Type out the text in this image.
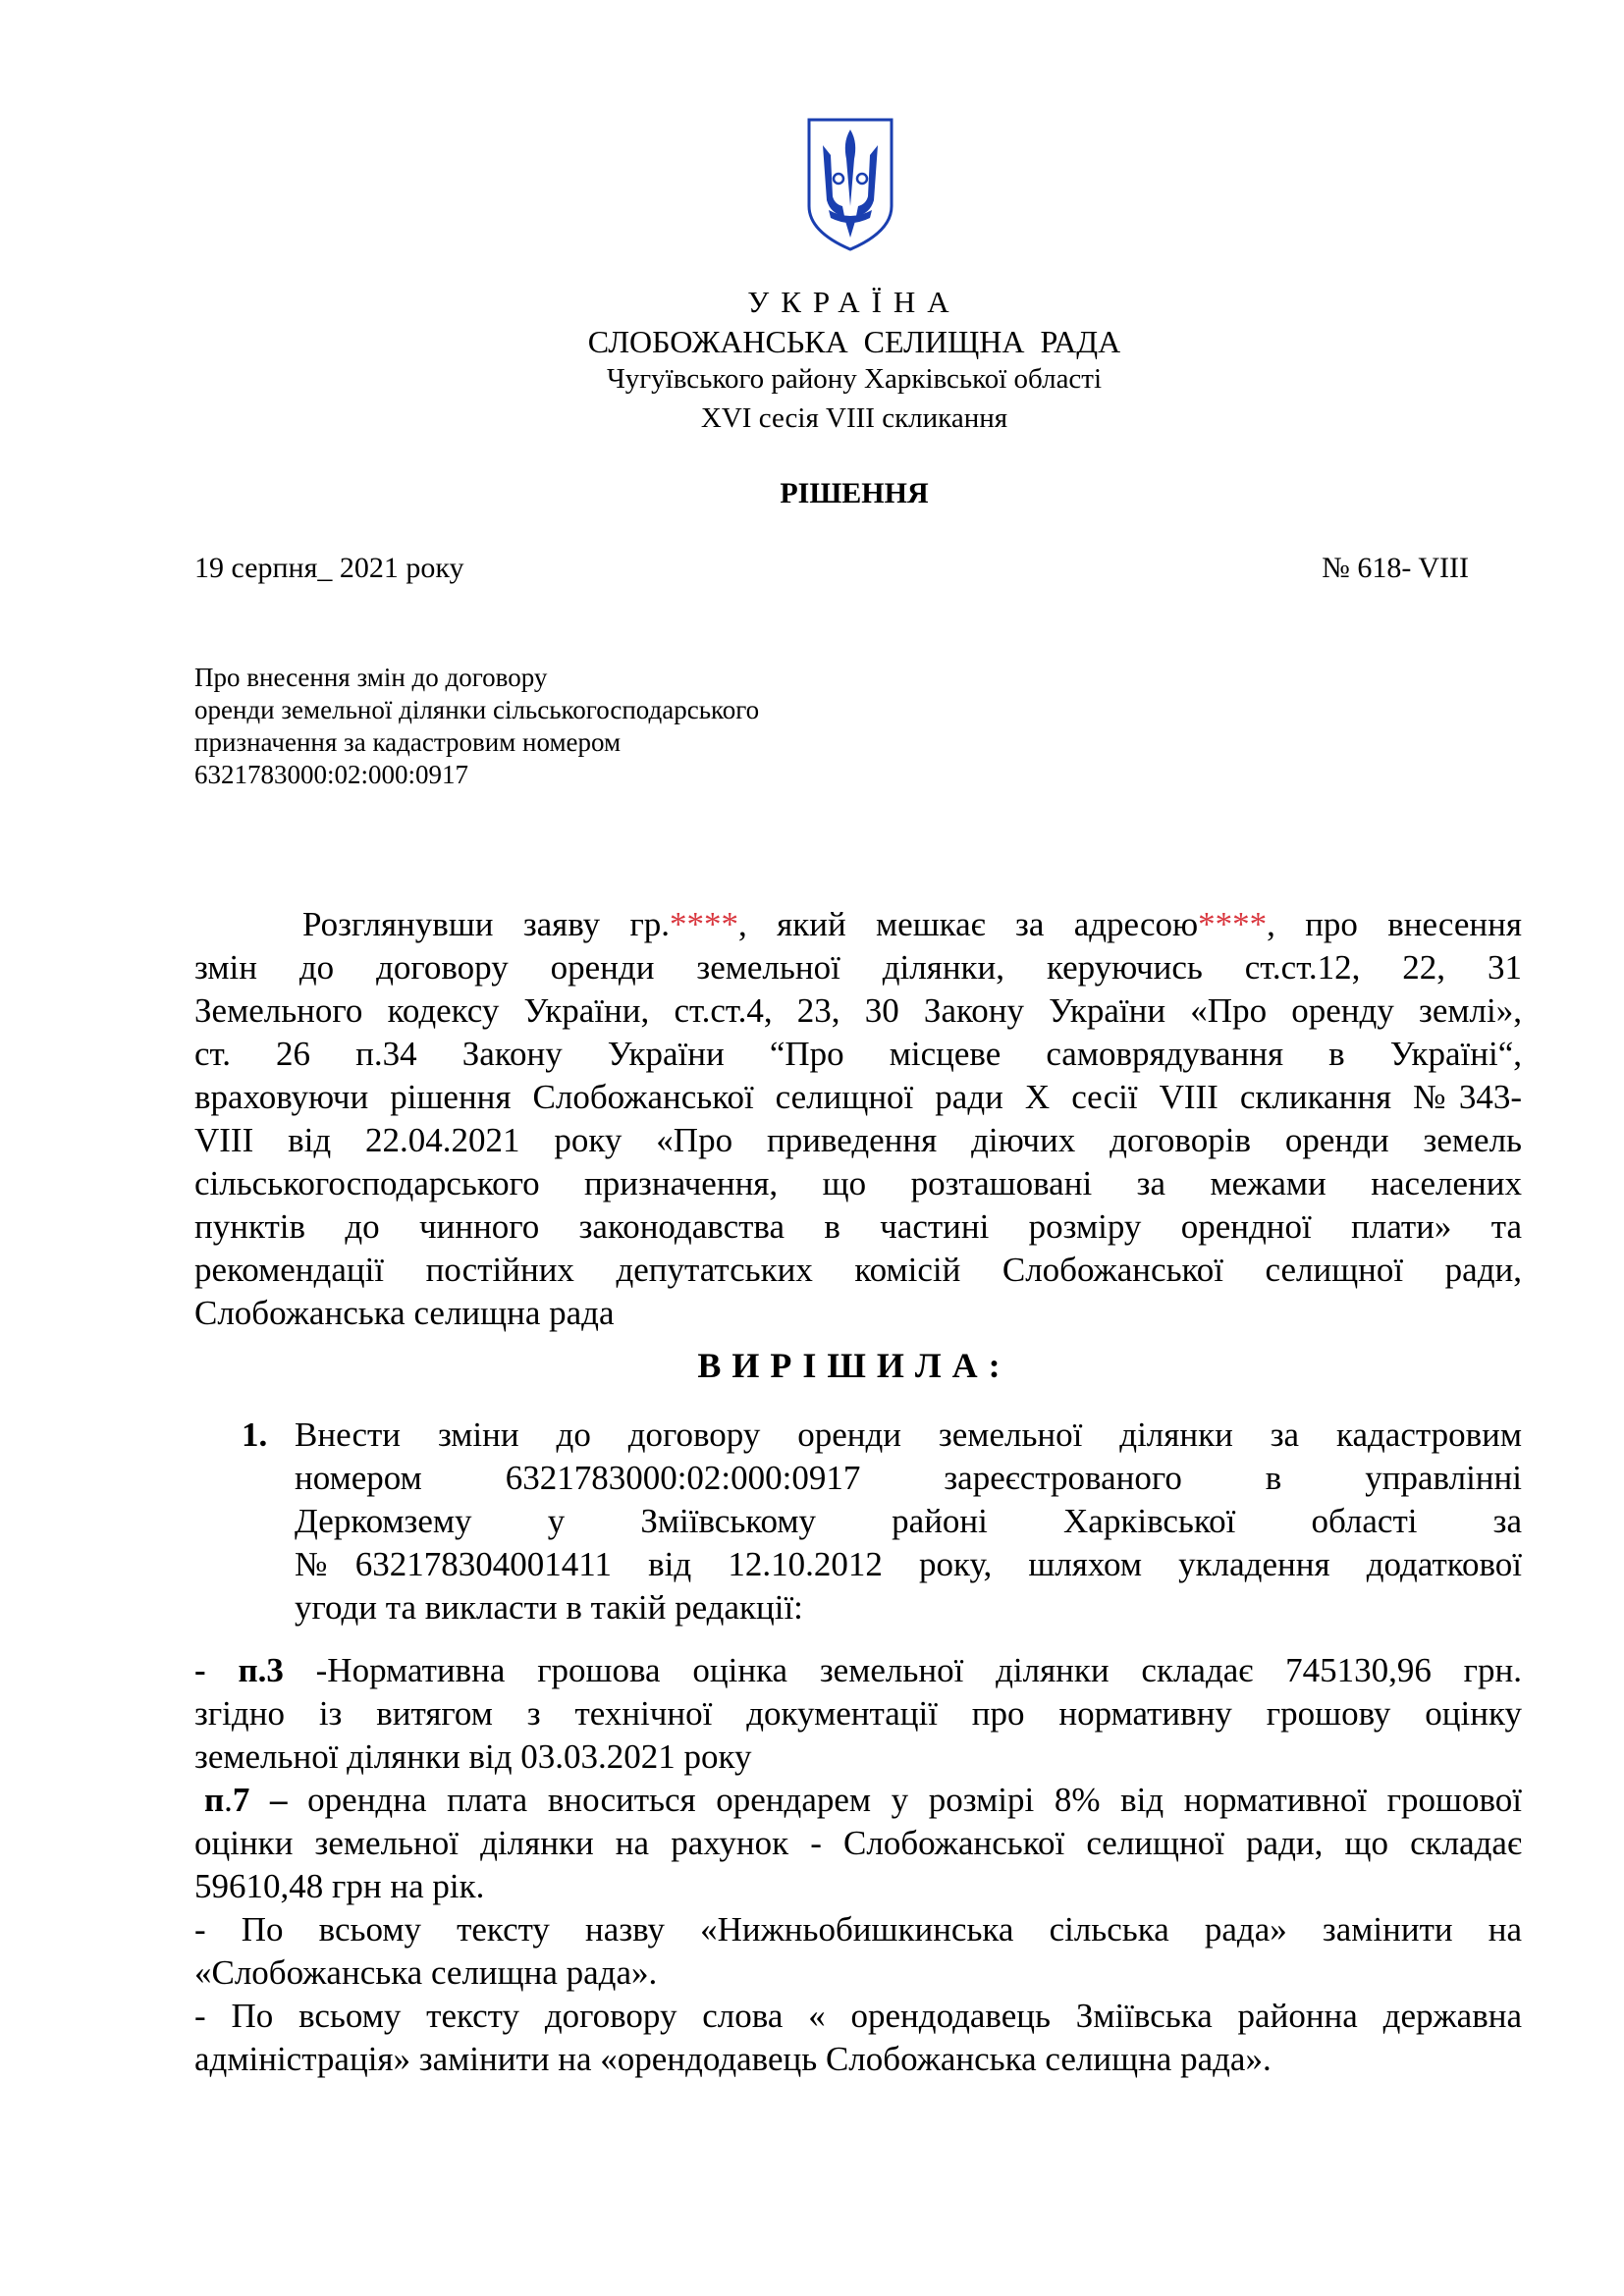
УКРАЇНА
СЛОБОЖАНСЬКА СЕЛИЩНА РАДА
Чугуївського району Харківської області
XVI сесія VIII скликання
РІШЕННЯ
19 серпня_ 2021 року	№ 618- VIII
Про внесення змін до договору
оренди земельної ділянки сільськогосподарського
призначення за кадастровим номером
6321783000:02:000:0917
Розглянувши заяву гр.****, який мешкає за адресою****, про внесення
змін до договору оренди земельної ділянки, керуючись ст.ст.12, 22, 31
Земельного кодексу України, ст.ст.4, 23, 30 Закону України «Про оренду землі»,
ст. 26 п.34 Закону України “Про місцеве самоврядування в Україні“,
враховуючи рішення Слобожанської селищної ради X сесії VIII скликання №343-
VIII від 22.04.2021 року «Про приведення діючих договорів оренди земель
сільськогосподарського призначення, що розташовані за межами населених
пунктів до чинного законодавства в частині розміру орендної плати» та
рекомендації постійних депутатських комісій Слобожанської селищної ради,
Слобожанська селищна рада
ВИРІШИЛА:
1. Внести зміни до договору оренди земельної ділянки за кадастровим
номером 6321783000:02:000:0917 зареєстрованого в управлінні
Деркомзему у Зміївському районі Харківської області за
№632178304001411 від 12.10.2012 року, шляхом укладення додаткової
угоди та викласти в такій редакції:
- п.3 -Нормативна грошова оцінка земельної ділянки складає 745130,96 грн.
згідно із витягом з технічної документації про нормативну грошову оцінку
земельної ділянки від 03.03.2021 року
п.7 – орендна плата вноситься орендарем у розмірі 8% від нормативної грошової
оцінки земельної ділянки на рахунок - Слобожанської селищної ради, що складає
59610,48 грн на рік.
- По всьому тексту назву «Нижньобишкинська сільська рада» замінити на
«Слобожанська селищна рада».
- По всьому тексту договору слова « орендодавець Зміївська районна державна
адміністрація» замінити на «орендодавець Слобожанська селищна рада».
